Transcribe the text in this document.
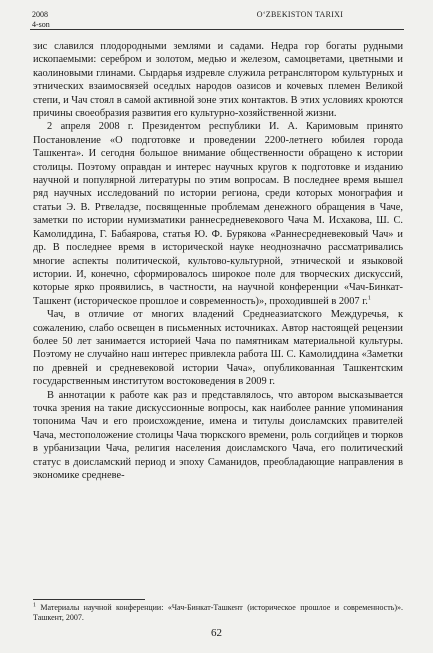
2008
4-son
O‘ZBEKISTON TARIXI

зис славился плодородными землями и садами. Недра гор богаты рудными ископаемыми: серебром и золотом, медью и железом, самоцветами, цветными и каолиновыми глинами. Сырдарья издревле служила ретранслятором культурных и этнических взаимосвязей оседлых народов оазисов и кочевых племен Великой степи, и Чач стоял в самой активной зоне этих контактов. В этих условиях кроются причины своеобразия развития его культурно-хозяйственной жизни.

2 апреля 2008 г. Президентом республики И. А. Каримовым принято Постановление «О подготовке и проведении 2200-летнего юбилея города Ташкента». И сегодня большое внимание общественности обращено к истории столицы. Поэтому оправдан и интерес научных кругов к подготовке и изданию научной и популярной литературы по этим вопросам. В последнее время вышел ряд научных исследований по истории региона, среди которых монография и статьи Э. В. Ртвеладзе, посвященные проблемам денежного обращения в Чаче, заметки по истории нумизматики раннесредневекового Чача М. Исхакова, Ш. С. Камолиддина, Г. Бабаяровa, статья Ю. Ф. Бурякова «Раннесредневековый Чач» и др. В последнее время в исторической науке неоднозначно рассматривались многие аспекты политической, культово-культурной, этнической и языковой истории. И, конечно, сформировалось широкое поле для творческих дискуссий, которые ярко проявились, в частности, на научной конференции «Чач-Бинкат-Ташкент (историческое прошлое и современность)», проходившей в 2007 г.$^1$

Чач, в отличие от многих владений Среднеазиатского Междуречья, к сожалению, слабо освещен в письменных источниках. Автор настоящей рецензии более 50 лет занимается историей Чача по памятникам материальной культуры. Поэтому не случайно наш интерес привлекла работа Ш. С. Камолиддина «Заметки по древней и средневековой истории Чача», опубликованная Ташкентским государственным институтом востоковедения в 2009 г.

В аннотации к работе как раз и представлялось, что автором высказывается точка зрения на такие дискуссионные вопросы, как наиболее ранние упоминания топонима Чач и его происхождение, имена и титулы доисламских правителей Чача, местоположение столицы Чача тюркского времени, роль согдийцев и тюрков в урбанизации Чача, религия населения доисламского Чача, его политический статус в доисламский период и эпоху Саманидов, преобладающие направления в экономике средневе-

$^1$ Материалы научной конференции: «Чач-Бинкат-Ташкент (историческое прошлое и современность)». Ташкент, 2007.
62
